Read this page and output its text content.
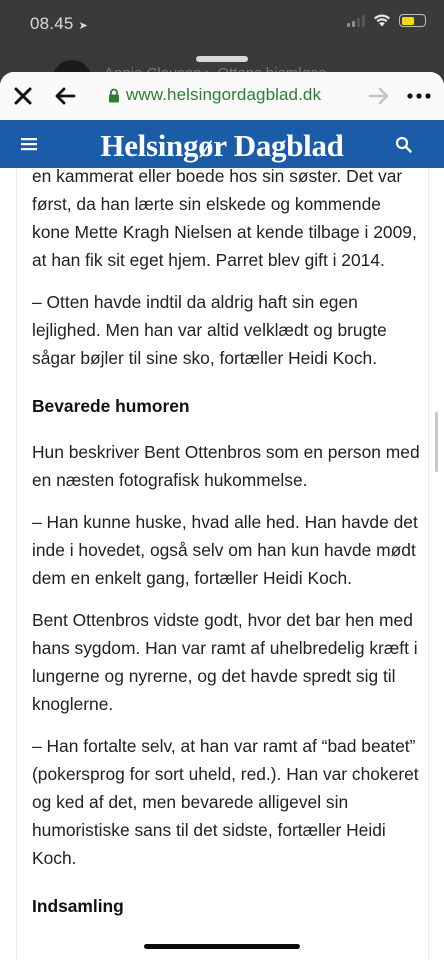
08.45 ➤
www.helsingordagblad.dk
Helsingør Dagblad

en kammerat eller boede hos sin søster. Det var først, da han lærte sin elskede og kommende kone Mette Kragh Nielsen at kende tilbage i 2009, at han fik sit eget hjem. Parret blev gift i 2014.

– Otten havde indtil da aldrig haft sin egen lejlighed. Men han var altid velklædt og brugte sågar bøjler til sine sko, fortæller Heidi Koch.

Bevarede humoren

Hun beskriver Bent Ottenbros som en person med en næsten fotografisk hukommelse.

– Han kunne huske, hvad alle hed. Han havde det inde i hovedet, også selv om han kun havde mødt dem en enkelt gang, fortæller Heidi Koch.

Bent Ottenbros vidste godt, hvor det bar hen med hans sygdom. Han var ramt af uhelbredelig kræft i lungerne og nyrerne, og det havde spredt sig til knoglerne.

– Han fortalte selv, at han var ramt af “bad beatet” (pokersprog for sort uheld, red.). Han var chokeret og ked af det, men bevarede alligevel sin humoristiske sans til det sidste, fortæller Heidi Koch.

Indsamling
